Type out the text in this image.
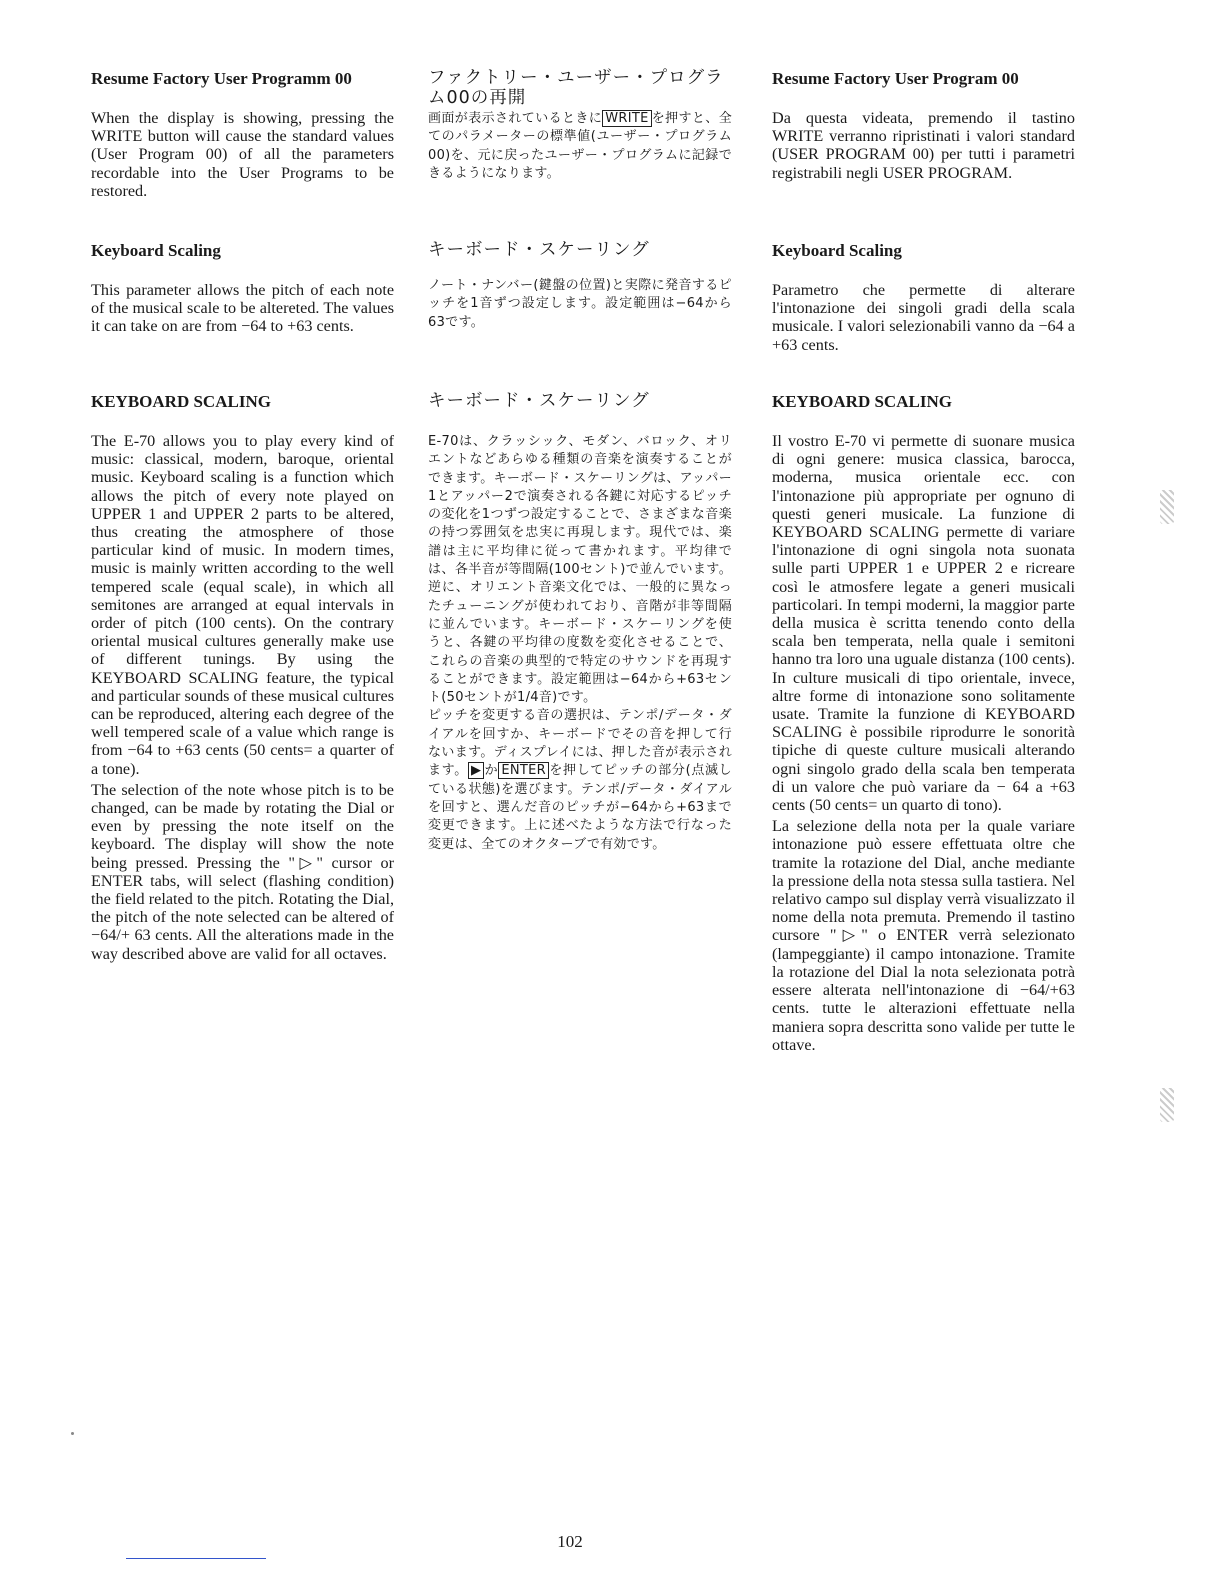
Resume Factory User Programm 00

When the display is showing, pressing the WRITE button will cause the standard values (User Program 00) of all the parameters recordable into the User Programs to be restored.

Keyboard Scaling

This parameter allows the pitch of each note of the musical scale to be altereted. The values it can take on are from −64 to +63 cents.

KEYBOARD SCALING

The E-70 allows you to play every kind of music: classical, modern, baroque, oriental music. Keyboard scaling is a function which allows the pitch of every note played on UPPER 1 and UPPER 2 parts to be altered, thus creating the atmosphere of those particular kind of music. In modern times, music is mainly written according to the well tempered scale (equal scale), in which all semitones are arranged at equal intervals in order of pitch (100 cents). On the contrary oriental musical cultures generally make use of different tunings. By using the KEYBOARD SCALING feature, the typical and particular sounds of these musical cultures can be reproduced, altering each degree of the well tempered scale of a value which range is from −64 to +63 cents (50 cents= a quarter of a tone).

The selection of the note whose pitch is to be changed, can be made by rotating the Dial or even by pressing the note itself on the keyboard. The display will show the note being pressed. Pressing the "▷" cursor or ENTER tabs, will select (flashing condition) the field related to the pitch. Rotating the Dial, the pitch of the note selected can be altered of −64/+ 63 cents. All the alterations made in the way described above are valid for all octaves.

ファクトリー・ユーザー・プログラム00の再開

画面が表示されているときに WRITE を押すと、全てのパラメーターの標準値(ユーザー・プログラム00)を、元に戻ったユーザー・プログラムに記録できるようになります。

キーボード・スケーリング

ノート・ナンバー(鍵盤の位置)と実際に発音するピッチを1音ずつ設定します。設定範囲は−64から63です。

キーボード・スケーリング

E-70は、クラッシック、モダン、バロック、オリエントなどあらゆる種類の音楽を演奏することができます。キーボード・スケーリングは、アッパー1とアッパー2で演奏される各鍵に対応するピッチの変化を1つずつ設定することで、さまざまな音楽の持つ雰囲気を忠実に再現します。現代では、楽譜は主に平均律に従って書かれます。平均律では、各半音が等間隔(100セント)で並んでいます。逆に、オリエント音楽文化では、一般的に異なったチューニングが使われており、音階が非等間隔に並んでいます。キーボード・スケーリングを使うと、各鍵の平均律の度数を変化させることで、これらの音楽の典型的で特定のサウンドを再現することができます。設定範囲は−64から+63セント(50セントが1/4音)です。

ピッチを変更する音の選択は、テンポ/データ・ダイアルを回すか、キーボードでその音を押して行ないます。ディスプレイには、押した音が表示されます。 ▶ か ENTER を押してピッチの部分(点滅している状態)を選びます。テンポ/データ・ダイアルを回すと、選んだ音のピッチが−64から+63まで変更できます。上に述べたような方法で行なった変更は、全てのオクターブで有効です。

Resume Factory User Program 00

Da questa videata, premendo il tastino WRITE verranno ripristinati i valori standard (USER PROGRAM 00) per tutti i parametri registrabili negli USER PROGRAM.

Keyboard Scaling

Parametro che permette di alterare l'intonazione dei singoli gradi della scala musicale. I valori selezionabili vanno da −64 a +63 cents.

KEYBOARD SCALING

Il vostro E-70 vi permette di suonare musica di ogni genere: musica classica, barocca, moderna, musica orientale ecc. con l'intonazione più appropriate per ognuno di questi generi musicale. La funzione di KEYBOARD SCALING permette di variare l'intonazione di ogni singola nota suonata sulle parti UPPER 1 e UPPER 2 e ricreare così le atmosfere legate a generi musicali particolari. In tempi moderni, la maggior parte della musica è scritta tenendo conto della scala ben temperata, nella quale i semitoni hanno tra loro una uguale distanza (100 cents). In culture musicali di tipo orientale, invece, altre forme di intonazione sono solitamente usate. Tramite la funzione di KEYBOARD SCALING è possibile riprodurre le sonorità tipiche di queste culture musicali alterando ogni singolo grado della scala ben temperata di un valore che può variare da − 64 a +63 cents (50 cents= un quarto di tono).

La selezione della nota per la quale variare intonazione può essere effettuata oltre che tramite la rotazione del Dial, anche mediante la pressione della nota stessa sulla tastiera. Nel relativo campo sul display verrà visualizzato il nome della nota premuta. Premendo il tastino cursore "▷" o ENTER verrà selezionato (lampeggiante) il campo intonazione. Tramite la rotazione del Dial la nota selezionata potrà essere alterata nell'intonazione di −64/+63 cents. tutte le alterazioni effettuate nella maniera sopra descritta sono valide per tutte le ottave.

102
